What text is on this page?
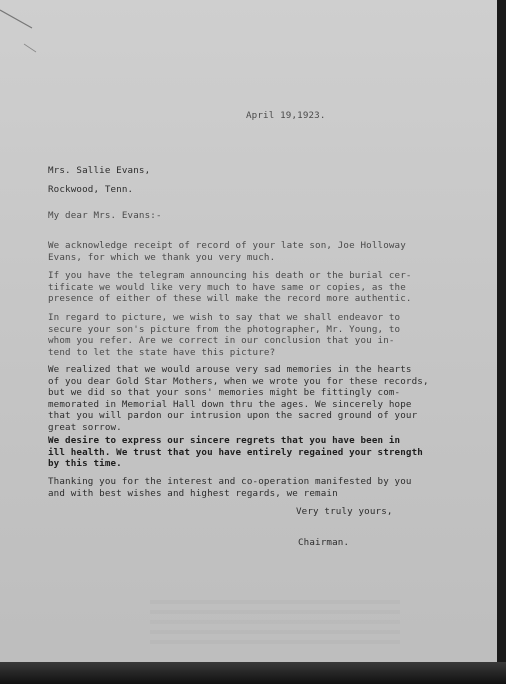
April 19,1923.
Mrs. Sallie Evans,
Rockwood, Tenn.
My dear Mrs. Evans:-
We acknowledge receipt of record of your late son, Joe Holloway
Evans, for which we thank you very much.
If you have the telegram announcing his death or the burial cer-
tificate we would like very much to have same or copies, as the
presence of either of these will make the record more authentic.
In regard to picture, we wish to say that we shall endeavor to
secure your son's picture from the photographer, Mr. Young, to
whom you refer. Are we correct in our conclusion that you in-
tend to let the state have this picture?
We realized that we would arouse very sad memories in the hearts
of you dear Gold Star Mothers, when we wrote you for these records,
but we did so that your sons' memories might be fittingly com-
memorated in Memorial Hall down thru the ages. We sincerely hope
that you will pardon our intrusion upon the sacred ground of your
great sorrow.
We desire to express our sincere regrets that you have been in
ill health. We trust that you have entirely regained your strength
by this time.
Thanking you for the interest and co-operation manifested by you
and with best wishes and highest regards, we remain
Very truly yours,
Chairman.
